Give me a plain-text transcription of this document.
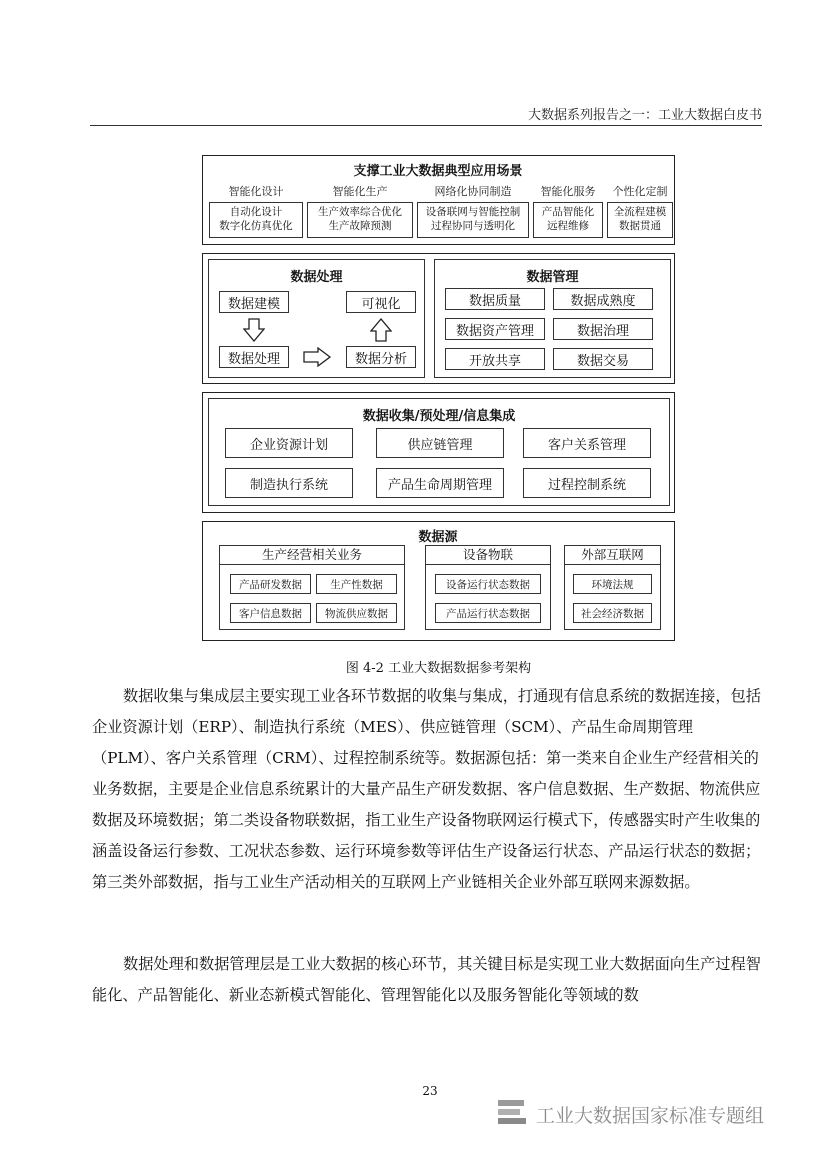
大数据系列报告之一：工业大数据白皮书
支撑工业大数据典型应用场景
智能化设计	智能化生产	网络化协同制造	智能化服务	个性化定制
自动化设计
数字化仿真优化
生产效率综合优化
生产故障预测
设备联网与智能控制
过程协同与透明化
产品智能化
远程维修
全流程建模
数据贯通
数据处理
数据建模	可视化
数据处理	数据分析
数据管理
数据质量	数据成熟度
数据资产管理	数据治理
开放共享	数据交易
数据收集/预处理/信息集成
企业资源计划	供应链管理	客户关系管理
制造执行系统	产品生命周期管理	过程控制系统
数据源
生产经营相关业务
产品研发数据	生产性数据
客户信息数据	物流供应数据
设备物联
设备运行状态数据
产品运行状态数据
外部互联网
环境法规
社会经济数据
图 4-2 工业大数据数据参考架构
数据收集与集成层主要实现工业各环节数据的收集与集成，打通现有信息系统的数据连接，包括企业资源计划（ERP）、制造执行系统（MES）、供应链管理（SCM）、产品生命周期管理（PLM）、客户关系管理（CRM）、过程控制系统等。数据源包括：第一类来自企业生产经营相关的业务数据，主要是企业信息系统累计的大量产品生产研发数据、客户信息数据、生产数据、物流供应数据及环境数据；第二类设备物联数据，指工业生产设备物联网运行模式下，传感器实时产生收集的涵盖设备运行参数、工况状态参数、运行环境参数等评估生产设备运行状态、产品运行状态的数据；第三类外部数据，指与工业生产活动相关的互联网上产业链相关企业外部互联网来源数据。
数据处理和数据管理层是工业大数据的核心环节，其关键目标是实现工业大数据面向生产过程智能化、产品智能化、新业态新模式智能化、管理智能化以及服务智能化等领域的数
23
工业大数据国家标准专题组
